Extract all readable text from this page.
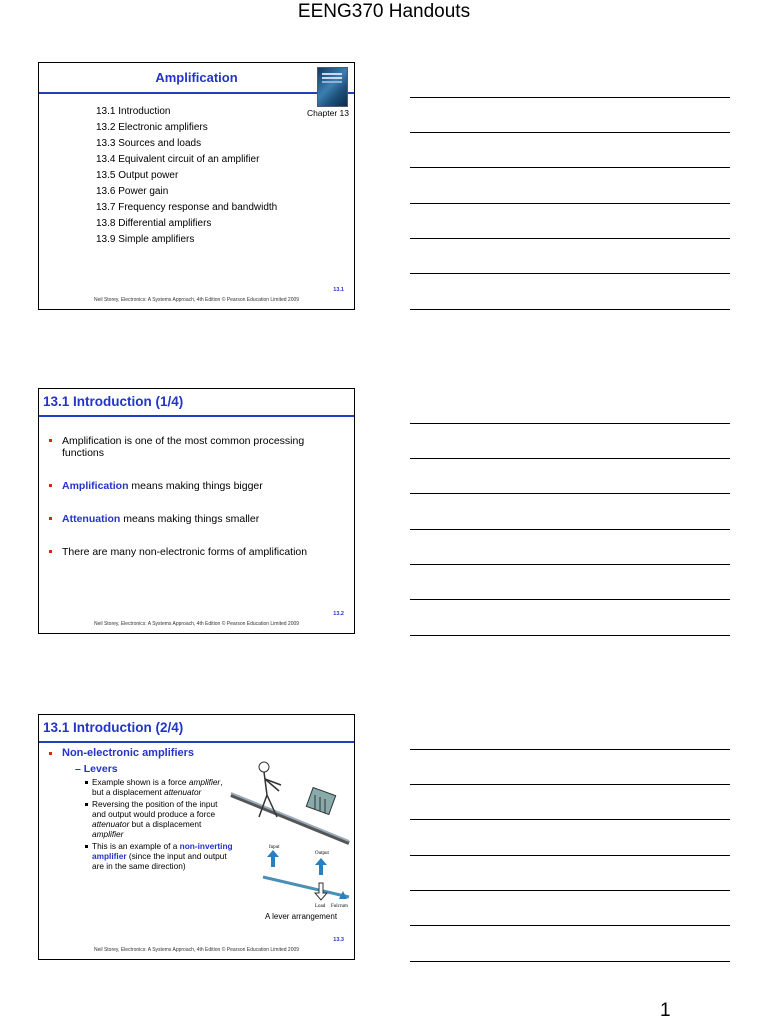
EENG370 Handouts
Amplification
Chapter 13
13.1 Introduction
13.2 Electronic amplifiers
13.3 Sources and loads
13.4 Equivalent circuit of an amplifier
13.5 Output power
13.6 Power gain
13.7 Frequency response and bandwidth
13.8 Differential amplifiers
13.9 Simple amplifiers
13.1
Neil Storey, Electronics: A Systems Approach, 4th Edition © Pearson Education Limited 2009
13.1 Introduction (1/4)
Amplification is one of the most common processing functions
Amplification means making things bigger
Attenuation means making things smaller
There are many non-electronic forms of amplification
13.2
Neil Storey, Electronics: A Systems Approach, 4th Edition © Pearson Education Limited 2009
13.1 Introduction (2/4)
Non-electronic amplifiers
– Levers
Example shown is a force amplifier, but a displacement attenuator
Reversing the position of the input and output would produce a force attenuator but a displacement amplifier
This is an example of a non-inverting amplifier (since the input and output are in the same direction)
Input
Output
Load Fulcrum
A lever arrangement
13.3
Neil Storey, Electronics: A Systems Approach, 4th Edition © Pearson Education Limited 2009
1
